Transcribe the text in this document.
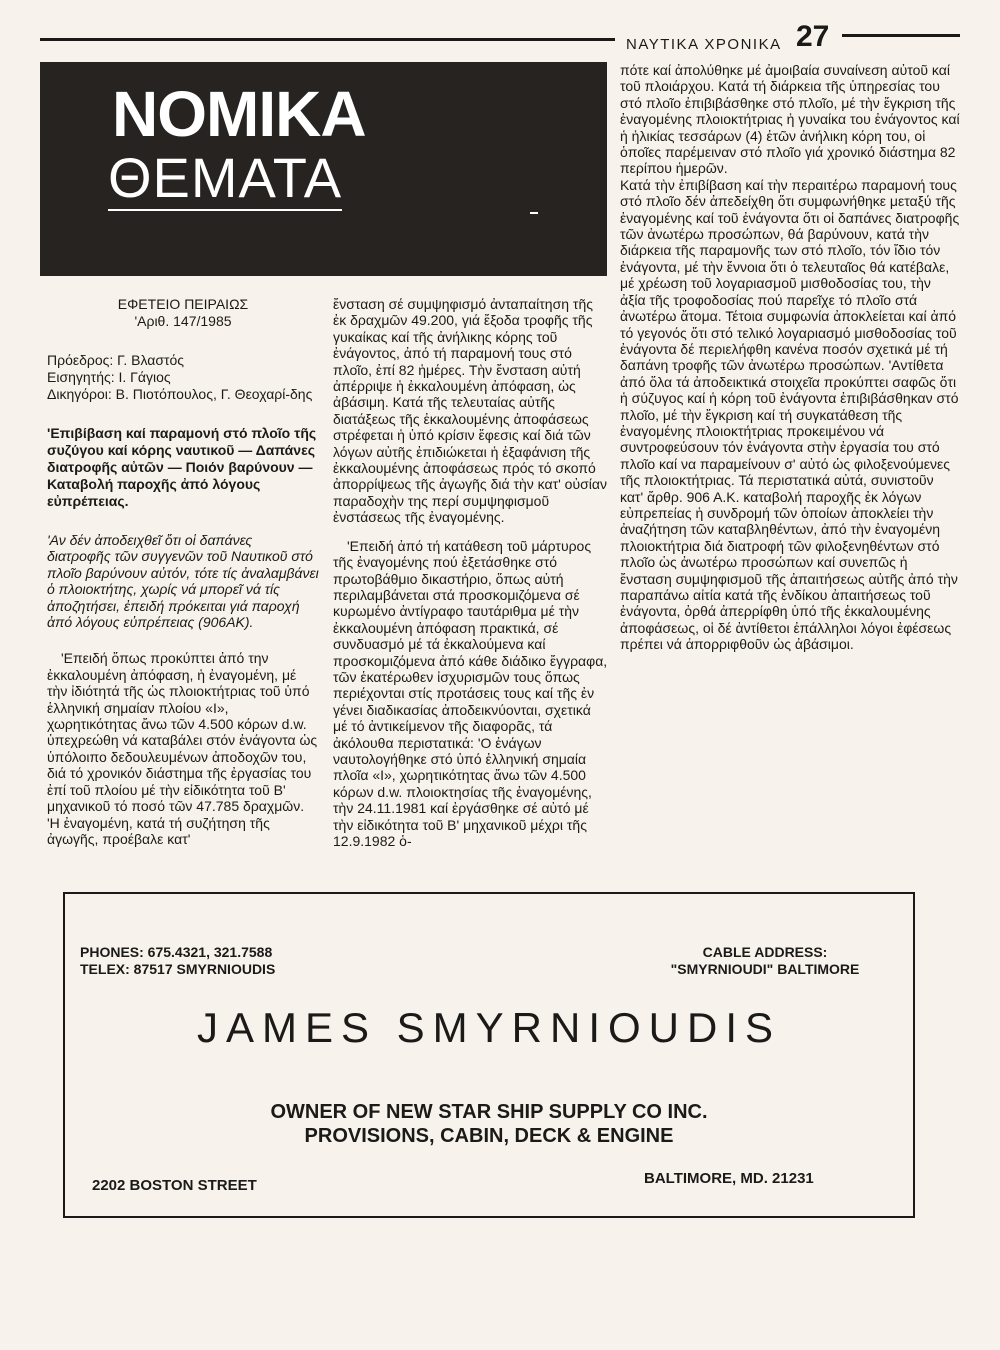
ΝΑΥΤΙΚΑ ΧΡΟΝΙΚΑ 27
ΝΟΜΙΚΑ
ΘΕΜΑΤΑ

ΕΦΕΤΕΙΟ ΠΕΙΡΑΙΩΣ
'Αριθ. 147/1985

Πρόεδρος: Γ. Βλαστός
Εισηγητής: Ι. Γάγιος
Δικηγόροι: Β. Πιοτόπουλος, Γ. Θεοχαρί-δης

'Επιβίβαση καί παραμονή στό πλοῖο τῆς συζύγου καί κόρης ναυτικοῦ — Δαπάνες διατροφῆς αὐτῶν — Ποιόν βαρύνουν — Καταβολή παροχῆς ἀπό λόγους εὐπρέπειας.

'Αν δέν ἀποδειχθεῖ ὅτι οἱ δαπάνες διατροφῆς τῶν συγγενῶν τοῦ Ναυτικοῦ στό πλοῖο βαρύνουν αὐτόν, τότε τίς ἀναλαμβάνει ὁ πλοιοκτήτης, χωρίς νά μπορεῖ νά τίς ἀποζητήσει, ἐπειδή πρόκειται γιά παροχή ἀπό λόγους εὐπρέπειας (906ΑΚ).

'Επειδή ὅπως προκύπτει ἀπό την ἐκκαλουμένη ἀπόφαση, ἡ ἐναγομένη, μέ τὴν ἰδιότητά τῆς ὡς πλοιοκτήτριας τοῦ ὑπό ἑλληνική σημαίαν πλοίου «Ι», χωρητικότητας ἄνω τῶν 4.500 κόρων d.w. ὑπεχρεώθη νά καταβάλει στόν ἐνάγοντα ὡς ὑπόλοιπο δεδουλευμένων ἀποδοχῶν του, διά τό χρονικόν διάστημα τῆς ἐργασίας του ἐπί τοῦ πλοίου μέ τὴν εἰδικότητα τοῦ Β' μηχανικοῦ τό ποσό τῶν 47.785 δραχμῶν. 'Η ἐναγομένη, κατά τή συζήτηση τῆς ἀγωγῆς, προέβαλε κατ'

ἔνσταση σέ συμψηφισμό ἀνταπαίτηση τῆς ἐκ δραχμῶν 49.200, γιά ἔξοδα τροφῆς τῆς γυκαίκας καί τῆς ἀνήλικης κόρης τοῦ ἐνάγοντος, ἀπό τή παραμονή τους στό πλοῖο, ἐπί 82 ἡμέρες. Τὴν ἔνσταση αὐτή ἀπέρριψε ἡ ἐκκαλουμένη ἀπόφαση, ὡς ἀβάσιμη. Κατά τῆς τελευταίας αὐτῆς διατάξεως τῆς ἐκκαλουμένης ἀποφάσεως στρέφεται ἡ ὑπό κρίσιν ἔφεσις καί διά τῶν λόγων αὐτῆς ἐπιδιώκεται ἡ ἐξαφάνιση τῆς ἐκκαλουμένης ἀποφάσεως πρός τό σκοπό ἀπορρίψεως τῆς ἀγωγῆς διά τὴν κατ' οὐσίαν παραδοχὴν της περί συμψηφισμοῦ ἐνστάσεως τῆς ἐναγομένης.

'Επειδή ἀπό τή κατάθεση τοῦ μάρτυρος τῆς ἐναγομένης πού ἐξετάσθηκε στό πρωτοβάθμιο δικαστήριο, ὅπως αὐτή περιλαμβάνεται στά προσκομιζόμενα σέ κυρωμένο ἀντίγραφο ταυτάριθμα μέ τὴν ἐκκαλουμένη ἀπόφαση πρακτικά, σέ συνδυασμό μέ τά ἐκκαλούμενα καί προσκομιζόμενα ἀπό κάθε διάδικο ἔγγραφα, τῶν ἑκατέρωθεν ἰσχυρισμῶν τους ὅπως περιέχονται στίς προτάσεις τους καί τῆς ἐν γένει διαδικασίας ἀποδεικνύονται, σχετικά μέ τό ἀντικείμενον τῆς διαφορᾶς, τά ἀκόλουθα περιστατικά: 'Ο ἐνάγων ναυτολογήθηκε στό ὑπό ἑλληνική σημαία πλοῖα «Ι», χωρητικότητας ἄνω τῶν 4.500 κόρων d.w. πλοιοκτησίας τῆς ἐναγομένης, τὴν 24.11.1981 καί ἐργάσθηκε σέ αὐτό μέ τὴν εἰδικότητα τοῦ Β' μηχανικοῦ μέχρι τῆς 12.9.1982 ὁ-

πότε καί ἀπολύθηκε μέ ἀμοιβαία συναίνεση αὐτοῦ καί τοῦ πλοιάρχου. Κατά τή διάρκεια τῆς ὑπηρεσίας του στό πλοῖο ἐπιβιβάσθηκε στό πλοῖο, μέ τὴν ἔγκριση τῆς ἐναγομένης πλοιοκτήτριας ἡ γυναίκα του ἐνάγοντος καί ἡ ἡλικίας τεσσάρων (4) ἐτῶν ἀνήλικη κόρη του, οἱ ὁποῖες παρέμειναν στό πλοῖο γιά χρονικό διάστημα 82 περίπου ἡμερῶν.

Κατά τὴν ἐπιβίβαση καί τὴν περαιτέρω παραμονή τους στό πλοῖο δέν ἀπεδείχθη ὅτι συμφωνήθηκε μεταξύ τῆς ἐναγομένης καί τοῦ ἐνάγοντα ὅτι οἱ δαπάνες διατροφῆς τῶν ἀνωτέρω προσώπων, θά βαρύνουν, κατά τὴν διάρκεια τῆς παραμονῆς των στό πλοῖο, τόν ἴδιο τόν ἐνάγοντα, μέ τὴν ἔννοια ὅτι ὁ τελευταῖος θά κατέβαλε, μέ χρέωση τοῦ λογαριασμοῦ μισθοδοσίας του, τὴν ἀξία τῆς τροφοδοσίας πού παρεῖχε τό πλοῖο στά ἀνωτέρω ἄτομα. Τέτοια συμφωνία ἀποκλείεται καί ἀπό τό γεγονός ὅτι στό τελικό λογαριασμό μισθοδοσίας τοῦ ἐνάγοντα δέ περιελήφθη κανένα ποσόν σχετικά μέ τή δαπάνη τροφῆς τῶν ἀνωτέρω προσώπων. 'Αντίθετα ἀπό ὅλα τά ἀποδεικτικά στοιχεῖα προκύπτει σαφῶς ὅτι ἡ σύζυγος καί ἡ κόρη τοῦ ἐνάγοντα ἐπιβιβάσθηκαν στό πλοῖο, μέ τὴν ἔγκριση καί τή συγκατάθεση τῆς ἐναγομένης πλοιοκτήτριας προκειμένου νά συντροφεύσουν τόν ἐνάγοντα στὴν ἐργασία του στό πλοῖο καί να παραμείνουν σ' αὐτό ὡς φιλοξενούμενες τῆς πλοιοκτήτριας. Τά περιστατικά αὐτά, συνιστοῦν κατ' ἄρθρ. 906 Α.Κ. καταβολή παροχῆς ἐκ λόγων εὐπρεπείας ἡ συνδρομή τῶν ὁποίων ἀποκλείει τὴν ἀναζήτηση τῶν καταβληθέντων, ἀπό τὴν ἐναγομένη πλοιοκτήτρια διά διατροφή τῶν φιλοξενηθέντων στό πλοῖο ὡς ἀνωτέρω προσώπων καί συνεπῶς ἡ ἔνσταση συμψηφισμοῦ τῆς ἀπαιτήσεως αὐτῆς ἀπό τὴν παραπάνω αἰτία κατά τῆς ἐνδίκου ἀπαιτήσεως τοῦ ἐνάγοντα, ὀρθά ἀπερρίφθη ὑπό τῆς ἐκκαλουμένης ἀποφάσεως, οἱ δέ ἀντίθετοι ἐπάλληλοι λόγοι ἐφέσεως πρέπει νά ἀπορριφθοῦν ὡς ἀβάσιμοι.

PHONES: 675.4321, 321.7588
TELEX: 87517 SMYRNIOUDIS
CABLE ADDRESS:
"SMYRNIOUDI" BALTIMORE
JAMES SMYRNIOUDIS
OWNER OF NEW STAR SHIP SUPPLY CO INC.
PROVISIONS, CABIN, DECK & ENGINE
2202 BOSTON STREET	BALTIMORE, MD. 21231
